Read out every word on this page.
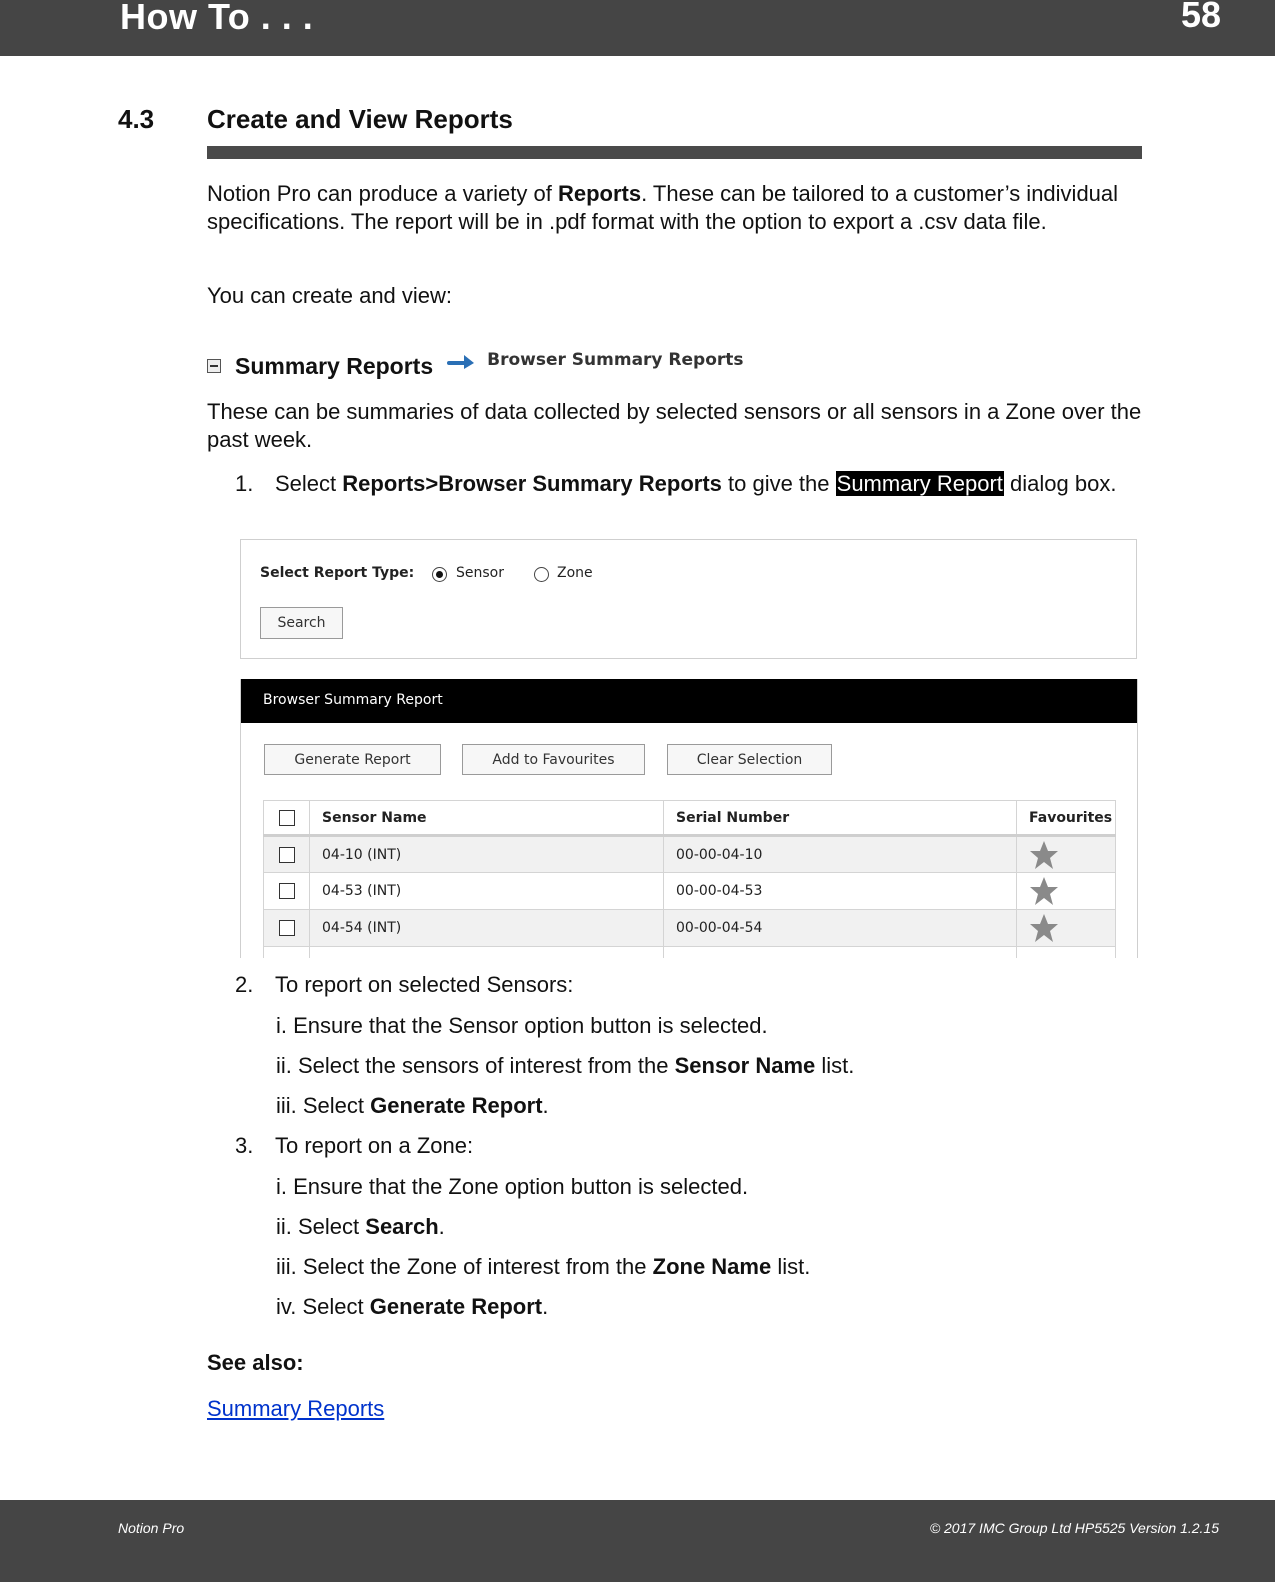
How To . . .	58
4.3 Create and View Reports
Notion Pro can produce a variety of Reports. These can be tailored to a customer’s individual specifications. The report will be in .pdf format with the option to export a .csv data file.
You can create and view:
Summary Reports	Browser Summary Reports
These can be summaries of data collected by selected sensors or all sensors in a Zone over the past week.
1. Select Reports>Browser Summary Reports to give the Summary Report dialog box.
Select Report Type:	Sensor	Zone
Search
Browser Summary Report
Generate Report	Add to Favourites	Clear Selection
	Sensor Name	Serial Number	Favourites
	04-10 (INT)	00-00-04-10	
	04-53 (INT)	00-00-04-53	
	04-54 (INT)	00-00-04-54	

2. To report on selected Sensors:
i. Ensure that the Sensor option button is selected.
ii. Select the sensors of interest from the Sensor Name list.
iii. Select Generate Report.
3. To report on a Zone:
i. Ensure that the Zone option button is selected.
ii. Select Search.
iii. Select the Zone of interest from the Zone Name list.
iv. Select Generate Report.
See also:
Summary Reports
Notion Pro	© 2017 IMC Group Ltd HP5525 Version 1.2.15
